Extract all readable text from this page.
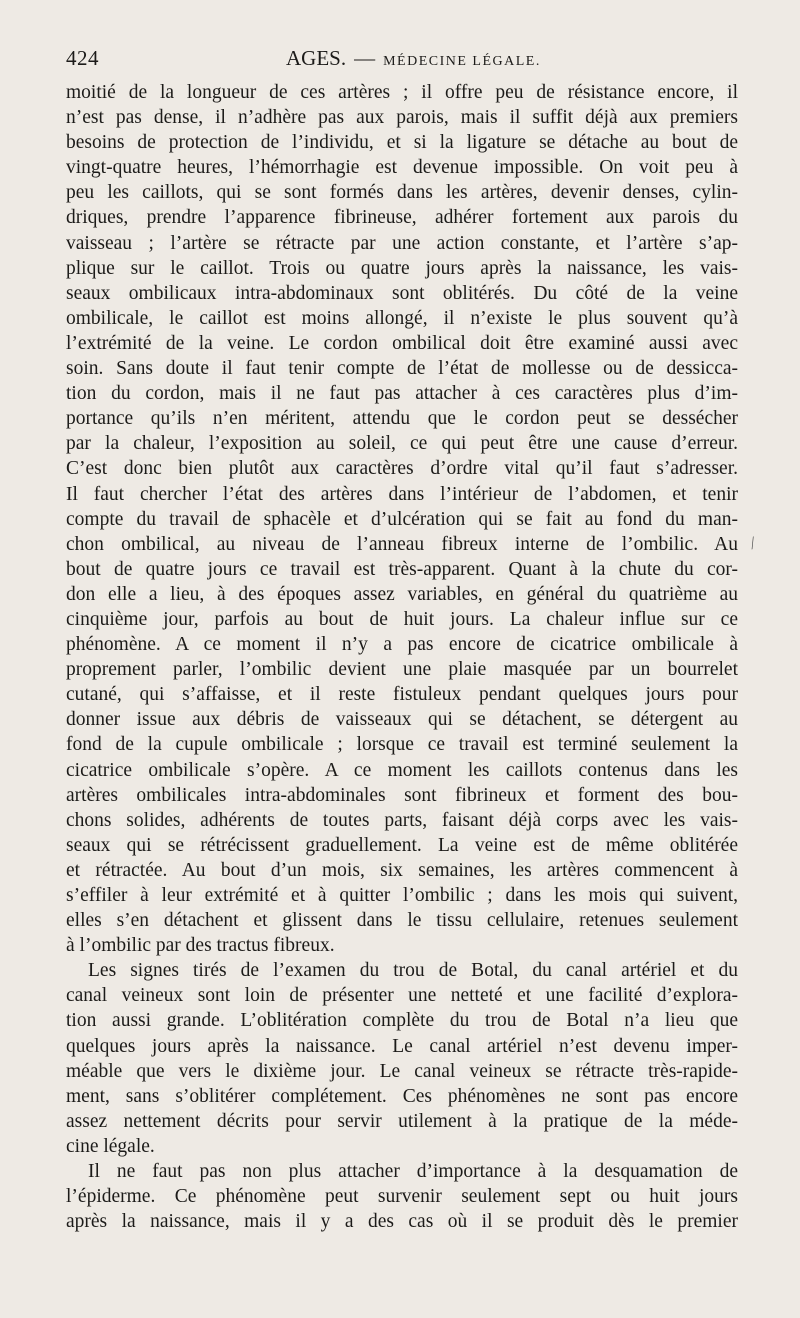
424	AGES. — MÉDECINE LÉGALE.
moitié de la longueur de ces artères ; il offre peu de résistance encore, il
n’est pas dense, il n’adhère pas aux parois, mais il suffit déjà aux premiers
besoins de protection de l’individu, et si la ligature se détache au bout de
vingt-quatre heures, l’hémorrhagie est devenue impossible. On voit peu à
peu les caillots, qui se sont formés dans les artères, devenir denses, cylin-
driques, prendre l’apparence fibrineuse, adhérer fortement aux parois du
vaisseau ; l’artère se rétracte par une action constante, et l’artère s’ap-
plique sur le caillot. Trois ou quatre jours après la naissance, les vais-
seaux ombilicaux intra-abdominaux sont oblitérés. Du côté de la veine
ombilicale, le caillot est moins allongé, il n’existe le plus souvent qu’à
l’extrémité de la veine. Le cordon ombilical doit être examiné aussi avec
soin. Sans doute il faut tenir compte de l’état de mollesse ou de dessicca-
tion du cordon, mais il ne faut pas attacher à ces caractères plus d’im-
portance qu’ils n’en méritent, attendu que le cordon peut se dessécher
par la chaleur, l’exposition au soleil, ce qui peut être une cause d’erreur.
C’est donc bien plutôt aux caractères d’ordre vital qu’il faut s’adresser.
Il faut chercher l’état des artères dans l’intérieur de l’abdomen, et tenir
compte du travail de sphacèle et d’ulcération qui se fait au fond du man-
chon ombilical, au niveau de l’anneau fibreux interne de l’ombilic. Au
bout de quatre jours ce travail est très-apparent. Quant à la chute du cor-
don elle a lieu, à des époques assez variables, en général du quatrième au
cinquième jour, parfois au bout de huit jours. La chaleur influe sur ce
phénomène. A ce moment il n’y a pas encore de cicatrice ombilicale à
proprement parler, l’ombilic devient une plaie masquée par un bourrelet
cutané, qui s’affaisse, et il reste fistuleux pendant quelques jours pour
donner issue aux débris de vaisseaux qui se détachent, se détergent au
fond de la cupule ombilicale ; lorsque ce travail est terminé seulement la
cicatrice ombilicale s’opère. A ce moment les caillots contenus dans les
artères ombilicales intra-abdominales sont fibrineux et forment des bou-
chons solides, adhérents de toutes parts, faisant déjà corps avec les vais-
seaux qui se rétrécissent graduellement. La veine est de même oblitérée
et rétractée. Au bout d’un mois, six semaines, les artères commencent à
s’effiler à leur extrémité et à quitter l’ombilic ; dans les mois qui suivent,
elles s’en détachent et glissent dans le tissu cellulaire, retenues seulement
à l’ombilic par des tractus fibreux.
Les signes tirés de l’examen du trou de Botal, du canal artériel et du
canal veineux sont loin de présenter une netteté et une facilité d’explora-
tion aussi grande. L’oblitération complète du trou de Botal n’a lieu que
quelques jours après la naissance. Le canal artériel n’est devenu imper-
méable que vers le dixième jour. Le canal veineux se rétracte très-rapide-
ment, sans s’oblitérer complétement. Ces phénomènes ne sont pas encore
assez nettement décrits pour servir utilement à la pratique de la méde-
cine légale.
Il ne faut pas non plus attacher d’importance à la desquamation de
l’épiderme. Ce phénomène peut survenir seulement sept ou huit jours
après la naissance, mais il y a des cas où il se produit dès le premier
⁄
